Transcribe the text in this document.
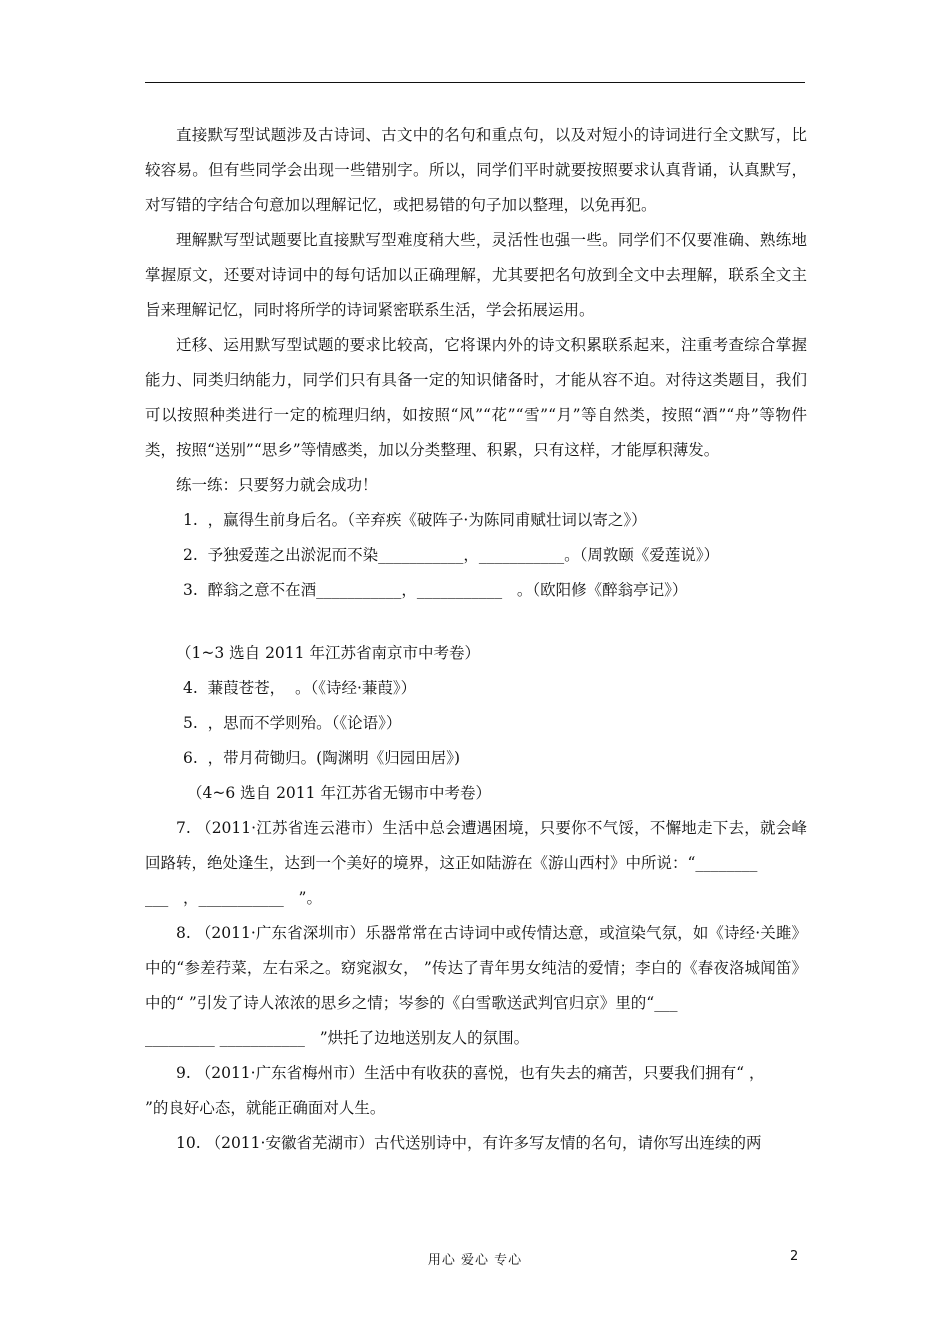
直接默写型试题涉及古诗词、古文中的名句和重点句，以及对短小的诗词进行全文默写，比较容易。但有些同学会出现一些错别字。所以，同学们平时就要按照要求认真背诵，认真默写，对写错的字结合句意加以理解记忆，或把易错的句子加以整理，以免再犯。

理解默写型试题要比直接默写型难度稍大些，灵活性也强一些。同学们不仅要准确、熟练地掌握原文，还要对诗词中的每句话加以正确理解，尤其要把名句放到全文中去理解，联系全文主旨来理解记忆，同时将所学的诗词紧密联系生活，学会拓展运用。

迁移、运用默写型试题的要求比较高，它将课内外的诗文积累联系起来，注重考查综合掌握能力、同类归纳能力，同学们只有具备一定的知识储备时，才能从容不迫。对待这类题目，我们可以按照种类进行一定的梳理归纳，如按照“风”“花”“雪”“月”等自然类，按照“酒”“舟”等物件类，按照“送别”“思乡”等情感类，加以分类整理、积累，只有这样，才能厚积薄发。

练一练：只要努力就会成功！

1.  ，赢得生前身后名。（辛弃疾《破阵子·为陈同甫赋壮词以寄之》）

2.  予独爱莲之出淤泥而不染___________，___________。（周敦颐《爱莲说》）

3.  醉翁之意不在酒___________，___________   。（欧阳修《醉翁亭记》）

（1~3 选自 2011 年江苏省南京市中考卷）

4.  蒹葭苍苍，  。（《诗经·蒹葭》）

5.  ，思而不学则殆。（《论语》）

6.  ，带月荷锄归。(陶渊明《归园田居》)

（4~6 选自 2011 年江苏省无锡市中考卷）

7. （2011·江苏省连云港市）生活中总会遭遇困境，只要你不气馁，不懈地走下去，就会峰回路转，绝处逢生，达到一个美好的境界，这正如陆游在《游山西村》中所说：“________

___   ，___________   ”。

8. （2011·广东省深圳市）乐器常常在古诗词中或传情达意，或渲染气氛，如《诗经·关雎》中的“参差荇菜，左右采之。窈窕淑女， ”传达了青年男女纯洁的爱情；李白的《春夜洛城闻笛》中的“ ”引发了诗人浓浓的思乡之情；岑参的《白雪歌送武判官归京》里的“___

_________ ___________   ”烘托了边地送别友人的氛围。

9. （2011·广东省梅州市）生活中有收获的喜悦，也有失去的痛苦，只要我们拥有“ ，

”的良好心态，就能正确面对人生。

10. （2011·安徽省芜湖市）古代送别诗中，有许多写友情的名句，请你写出连续的两

用心 爱心 专心	2
